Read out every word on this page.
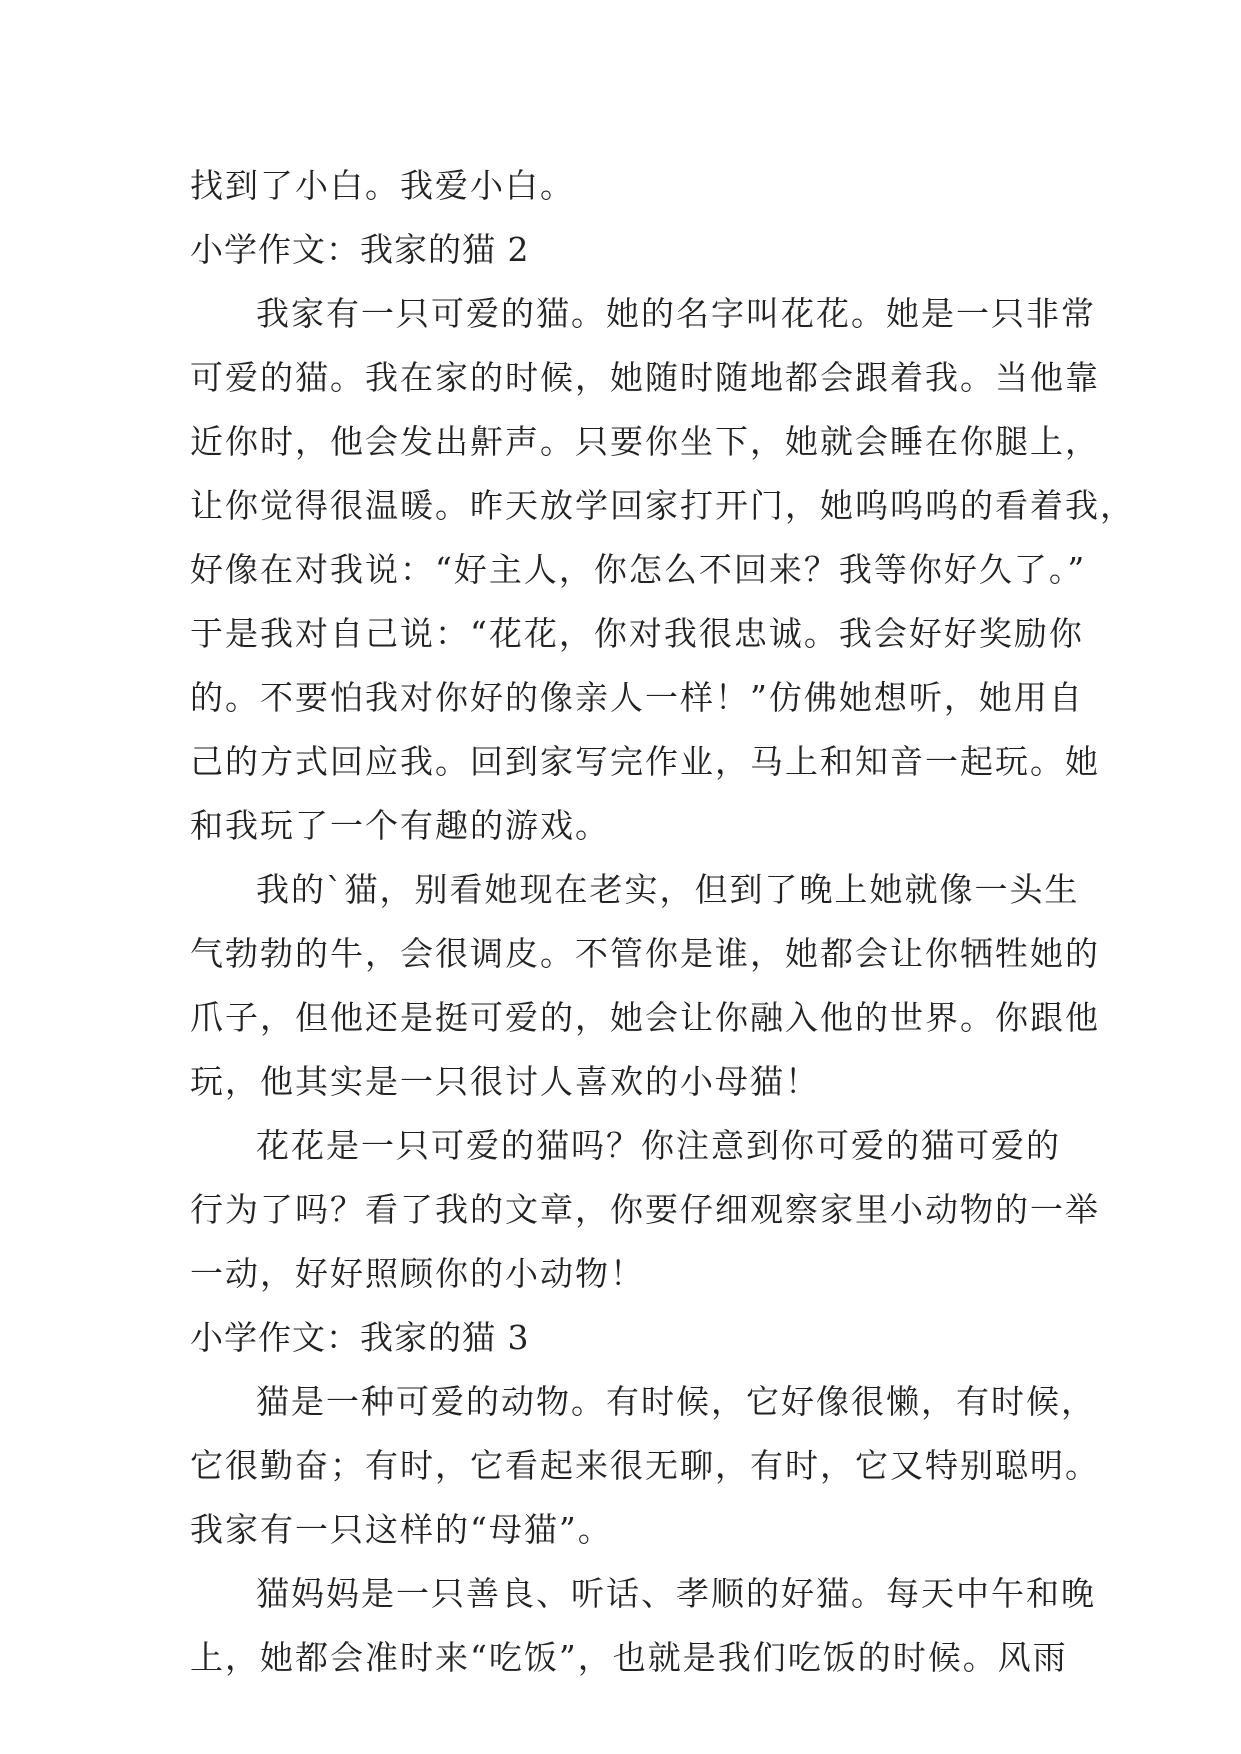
找到了小白。我爱小白。
小学作文：我家的猫 2
我家有一只可爱的猫。她的名字叫花花。她是一只非常
可爱的猫。我在家的时候，她随时随地都会跟着我。当他靠
近你时，他会发出鼾声。只要你坐下，她就会睡在你腿上，
让你觉得很温暖。昨天放学回家打开门，她呜呜呜的看着我，
好像在对我说：“好主人，你怎么不回来？我等你好久了。”
于是我对自己说：“花花，你对我很忠诚。我会好好奖励你
的。不要怕我对你好的像亲人一样！”仿佛她想听，她用自
己的方式回应我。回到家写完作业，马上和知音一起玩。她
和我玩了一个有趣的游戏。
我的`猫，别看她现在老实，但到了晚上她就像一头生
气勃勃的牛，会很调皮。不管你是谁，她都会让你牺牲她的
爪子，但他还是挺可爱的，她会让你融入他的世界。你跟他
玩，他其实是一只很讨人喜欢的小母猫！
花花是一只可爱的猫吗？你注意到你可爱的猫可爱的
行为了吗？看了我的文章，你要仔细观察家里小动物的一举
一动，好好照顾你的小动物！
小学作文：我家的猫 3
猫是一种可爱的动物。有时候，它好像很懒，有时候，
它很勤奋；有时，它看起来很无聊，有时，它又特别聪明。
我家有一只这样的“母猫”。
猫妈妈是一只善良、听话、孝顺的好猫。每天中午和晚
上，她都会准时来“吃饭”，也就是我们吃饭的时候。风雨
